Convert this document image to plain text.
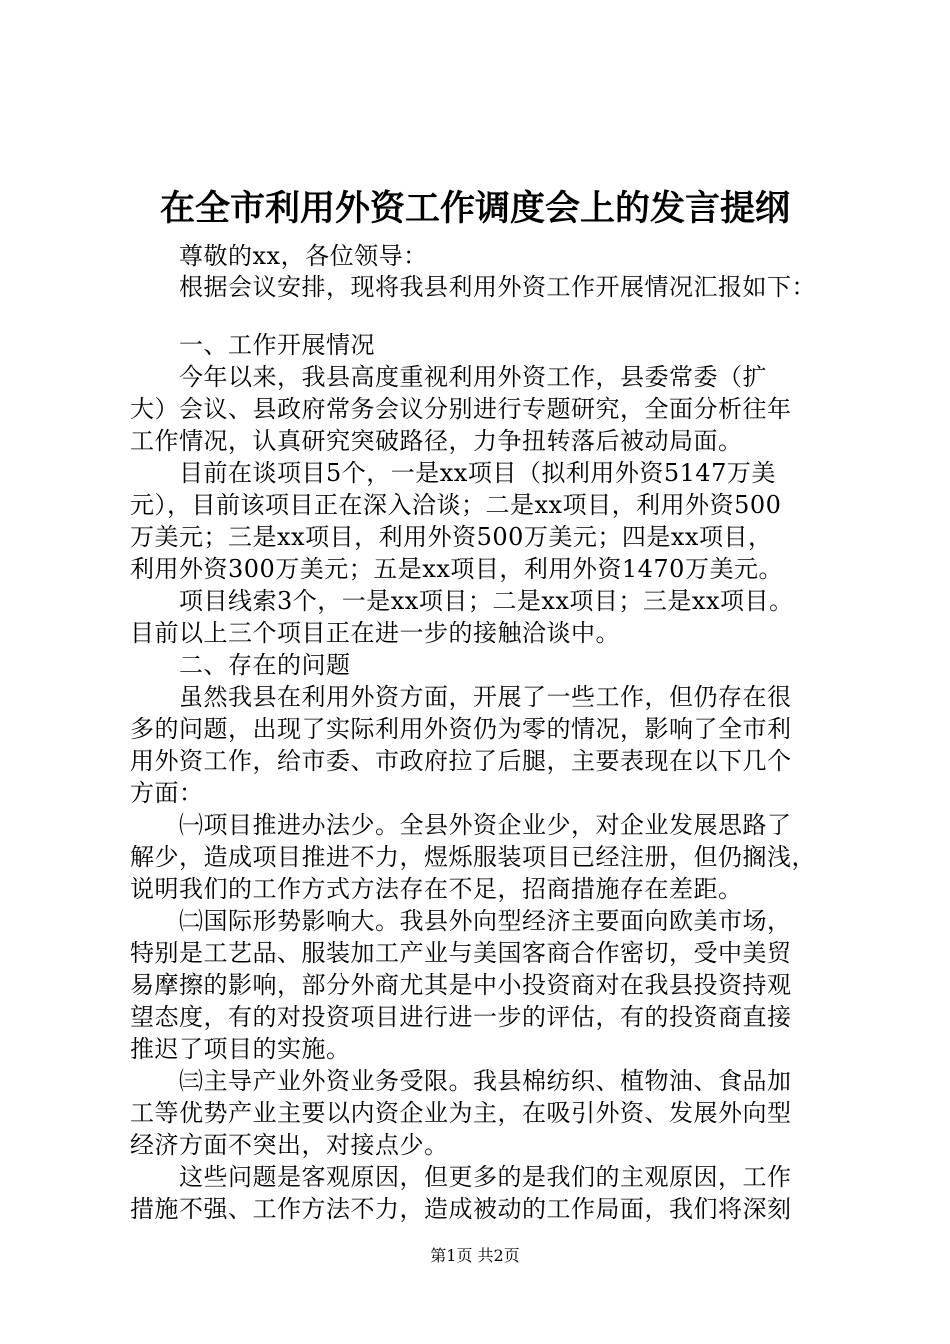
在全市利用外资工作调度会上的发言提纲
　　尊敬的xx，各位领导：
　　根据会议安排，现将我县利用外资工作开展情况汇报如下：
　　一、工作开展情况
　　今年以来，我县高度重视利用外资工作，县委常委（扩
大）会议、县政府常务会议分别进行专题研究，全面分析往年
工作情况，认真研究突破路径，力争扭转落后被动局面。
　　目前在谈项目5个，一是xx项目（拟利用外资5147万美
元），目前该项目正在深入洽谈；二是xx项目，利用外资500
万美元；三是xx项目，利用外资500万美元；四是xx项目，
利用外资300万美元；五是xx项目，利用外资1470万美元。
　　项目线索3个，一是xx项目；二是xx项目；三是xx项目。
目前以上三个项目正在进一步的接触洽谈中。
　　二、存在的问题
　　虽然我县在利用外资方面，开展了一些工作，但仍存在很
多的问题，出现了实际利用外资仍为零的情况，影响了全市利
用外资工作，给市委、市政府拉了后腿，主要表现在以下几个
方面：
　　㈠项目推进办法少。全县外资企业少，对企业发展思路了
解少，造成项目推进不力，煜烁服装项目已经注册，但仍搁浅，
说明我们的工作方式方法存在不足，招商措施存在差距。
　　㈡国际形势影响大。我县外向型经济主要面向欧美市场，
特别是工艺品、服装加工产业与美国客商合作密切，受中美贸
易摩擦的影响，部分外商尤其是中小投资商对在我县投资持观
望态度，有的对投资项目进行进一步的评估，有的投资商直接
推迟了项目的实施。
　　㈢主导产业外资业务受限。我县棉纺织、植物油、食品加
工等优势产业主要以内资企业为主，在吸引外资、发展外向型
经济方面不突出，对接点少。
　　这些问题是客观原因，但更多的是我们的主观原因，工作
措施不强、工作方法不力，造成被动的工作局面，我们将深刻
第1页 共2页
